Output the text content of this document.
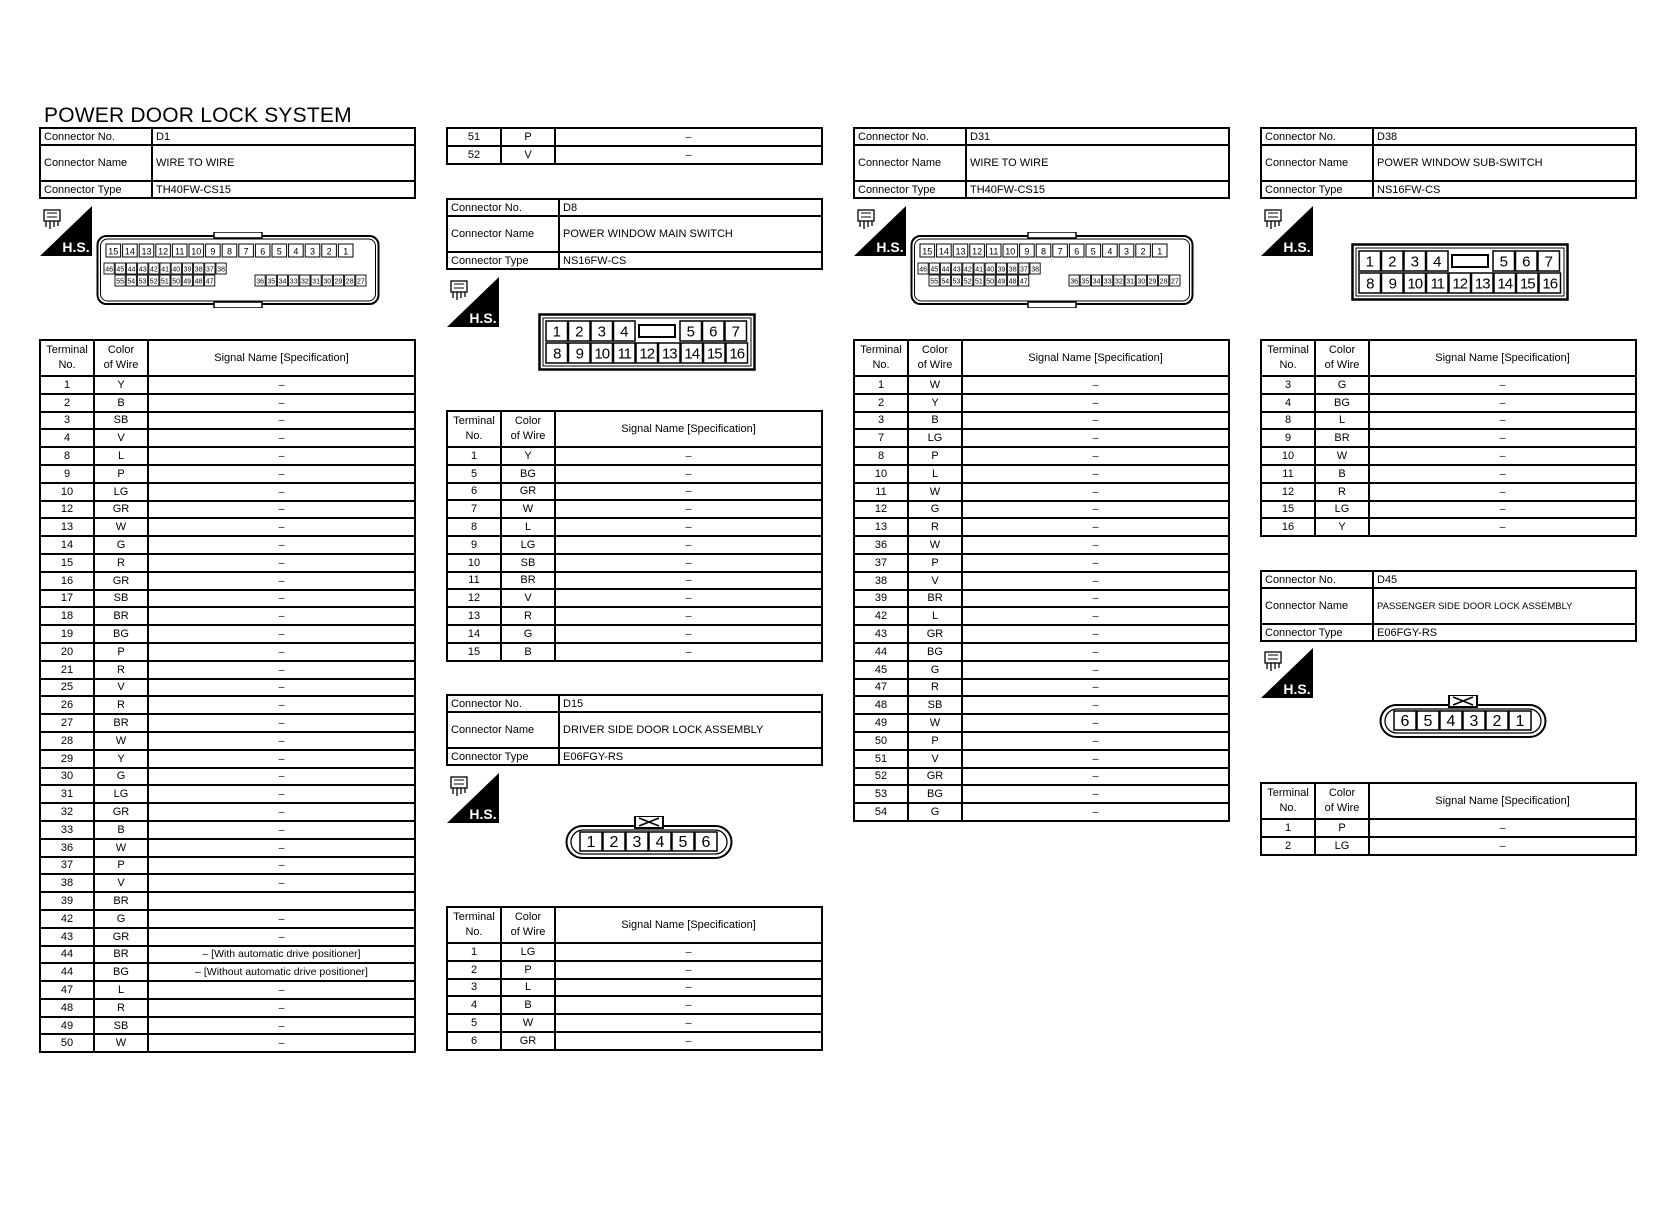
POWER DOOR LOCK SYSTEM
Connector No.	D1
Connector Name	WIRE TO WIRE
Connector Type	TH40FW-CS15
H.S. 15 14 13 12 11 10 9 8 7 6 5 4 3 2 1
46 45 44 43 42 41 40 39 38 37 38
55 54 53 52 51 50 49 48 47	36 35 34 33 32 31 30 29 28 27
Terminal
No.	Color
of Wire	Signal Name [Specification]
1	Y	–
2	B	–
3	SB	–
4	V	–
8	L	–
9	P	–
10	LG	–
12	GR	–
13	W	–
14	G	–
15	R	–
16	GR	–
17	SB	–
18	BR	–
19	BG	–
20	P	–
21	R	–
25	V	–
26	R	–
27	BR	–
28	W	–
29	Y	–
30	G	–
31	LG	–
32	GR	–
33	B	–
36	W	–
37	P	–
38	V	–
39	BR	
42	G	–
43	GR	–
44	BR	– [With automatic drive positioner]
44	BG	– [Without automatic drive positioner]
47	L	–
48	R	–
49	SB	–
50	W	–
51	P	–
52	V	–
Connector No.	D8
Connector Name	POWER WINDOW MAIN SWITCH
Connector Type	NS16FW-CS
H.S.
1 2 3 4	5 6 7
8 9 10 11 12 13 14 15 16
Terminal
No.	Color
of Wire	Signal Name [Specification]
1	Y	–
5	BG	–
6	GR	–
7	W	–
8	L	–
9	LG	–
10	SB	–
11	BR	–
12	V	–
13	R	–
14	G	–
15	B	–
Connector No.	D15
Connector Name	DRIVER SIDE DOOR LOCK ASSEMBLY
Connector Type	E06FGY-RS
H.S.
1 2 3 4 5 6
Terminal
No.	Color
of Wire	Signal Name [Specification]
1	LG	–
2	P	–
3	L	–
4	B	–
5	W	–
6	GR	–
Connector No.	D31
Connector Name	WIRE TO WIRE
Connector Type	TH40FW-CS15
H.S. 15 14 13 12 11 10 9 8 7 6 5 4 3 2 1
46 45 44 43 42 41 40 39 38 37 38
55 54 53 52 51 50 49 48 47	36 35 34 33 32 31 30 29 28 27
Terminal
No.	Color
of Wire	Signal Name [Specification]
1	W	–
2	Y	–
3	B	–
7	LG	–
8	P	–
10	L	–
11	W	–
12	G	–
13	R	–
36	W	–
37	P	–
38	V	–
39	BR	–
42	L	–
43	GR	–
44	BG	–
45	G	–
47	R	–
48	SB	–
49	W	–
50	P	–
51	V	–
52	GR	–
53	BG	–
54	G	–
Connector No.	D38
Connector Name	POWER WINDOW SUB-SWITCH
Connector Type	NS16FW-CS
H.S.
1 2 3 4	5 6 7
8 9 10 11 12 13 14 15 16
Terminal
No.	Color
of Wire	Signal Name [Specification]
3	G	–
4	BG	–
8	L	–
9	BR	–
10	W	–
11	B	–
12	R	–
15	LG	–
16	Y	–
Connector No.	D45
Connector Name	PASSENGER SIDE DOOR LOCK ASSEMBLY
Connector Type	E06FGY-RS
H.S.
6 5 4 3 2 1
Terminal
No.	Color
of Wire	Signal Name [Specification]
1	P	–
2	LG	–
